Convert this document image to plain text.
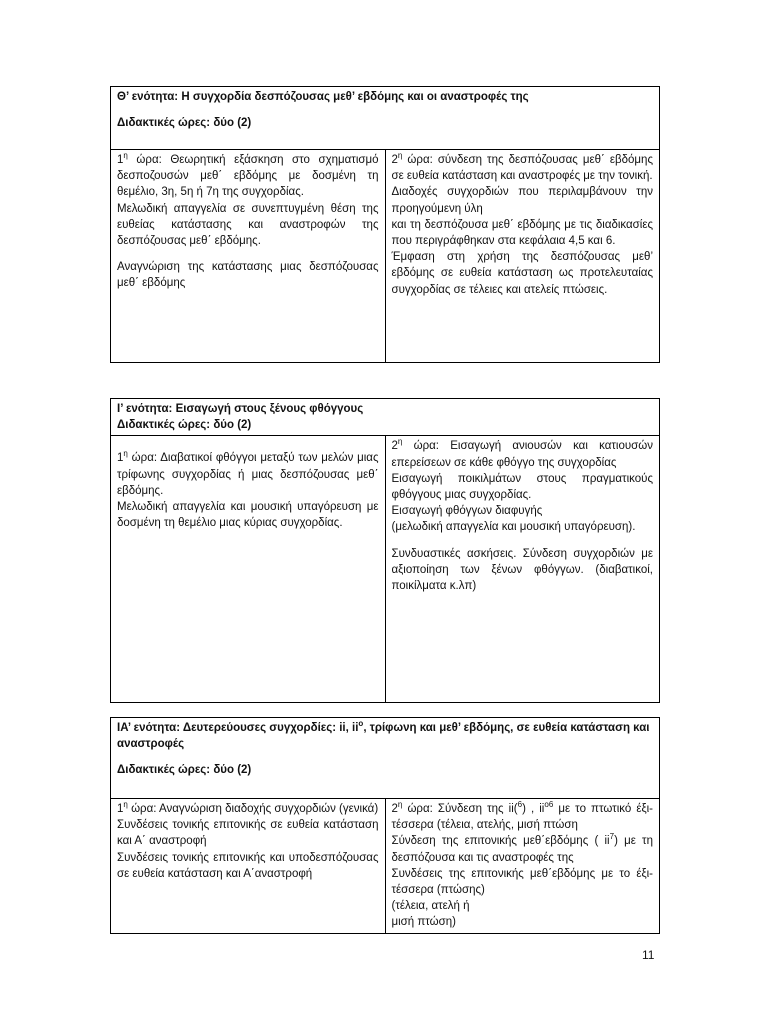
Θ’ ενότητα: Η συγχορδία δεσπόζουσας μεθ’ εβδόμης και οι αναστροφές της
Διδακτικές ώρες: δύο (2)

$1^\eta$ ώρα: Θεωρητική εξάσκηση στο σχηματισμό δεσποζουσών μεθ΄ εβδόμης με δοσμένη τη θεμέλιο, 3η, 5η ή 7η της συγχορδίας.
Μελωδική απαγγελία σε συνεπτυγμένη θέση της ευθείας κατάστασης και αναστροφών της δεσπόζουσας μεθ΄ εβδόμης.
Αναγνώριση της κατάστασης μιας δεσπόζουσας μεθ΄ εβδόμης

$2^\eta$ ώρα: σύνδεση της δεσπόζουσας μεθ΄ εβδόμης σε ευθεία κατάσταση και αναστροφές με την τονική.
Διαδοχές συγχορδιών που περιλαμβάνουν την προηγούμενη ύλη
και τη δεσπόζουσα μεθ΄ εβδόμης με τις διαδικασίες που περιγράφθηκαν στα κεφάλαια 4,5 και 6.
Έμφαση στη χρήση της δεσπόζουσας μεθ’ εβδόμης σε ευθεία κατάσταση ως προτελευταίας συγχορδίας σε τέλειες και ατελείς πτώσεις.
Ι’ ενότητα: Εισαγωγή στους ξένους φθόγγους
Διδακτικές ώρες: δύο (2)

$1^\eta$ ώρα: Διαβατικοί φθόγγοι μεταξύ των μελών μιας τρίφωνης συγχορδίας ή μιας δεσπόζουσας μεθ΄ εβδόμης.
Μελωδική απαγγελία και μουσική υπαγόρευση με δοσμένη τη θεμέλιο μιας κύριας συγχορδίας.

$2^\eta$ ώρα: Εισαγωγή ανιουσών και κατιουσών επερείσεων σε κάθε φθόγγο της συγχορδίας
Εισαγωγή ποικιλμάτων στους πραγματικούς φθόγγους μιας συγχορδίας.
Εισαγωγή φθόγγων διαφυγής
(μελωδική απαγγελία και μουσική υπαγόρευση).
Συνδυαστικές ασκήσεις. Σύνδεση συγχορδιών με αξιοποίηση των ξένων φθόγγων. (διαβατικοί, ποικίλματα κ.λπ)
ΙΑ’ ενότητα: Δευτερεύουσες συγχορδίες: ii, $ii^o$, τρίφωνη και μεθ’ εβδόμης, σε ευθεία κατάσταση και αναστροφές
Διδακτικές ώρες: δύο (2)

$1^\eta$ ώρα: Αναγνώριση διαδοχής συγχορδιών (γενικά)
Συνδέσεις τονικής επιτονικής σε ευθεία κατάσταση και Α΄ αναστροφή
Συνδέσεις τονικής επιτονικής και υποδεσπόζουσας σε ευθεία κατάσταση και Α΄αναστροφή

$2^\eta$ ώρα: Σύνδεση της ii($^6$) , $ii^{o6}$ με το πτωτικό έξι-τέσσερα (τέλεια, ατελής, μισή πτώση
Σύνδεση της επιτονικής μεθ΄εβδόμης ( $ii^7$) με τη δεσπόζουσα και τις αναστροφές της
Συνδέσεις της επιτονικής μεθ΄εβδόμης με το έξι-τέσσερα (πτώσης)
(τέλεια, ατελή ή
μισή πτώση)
11
